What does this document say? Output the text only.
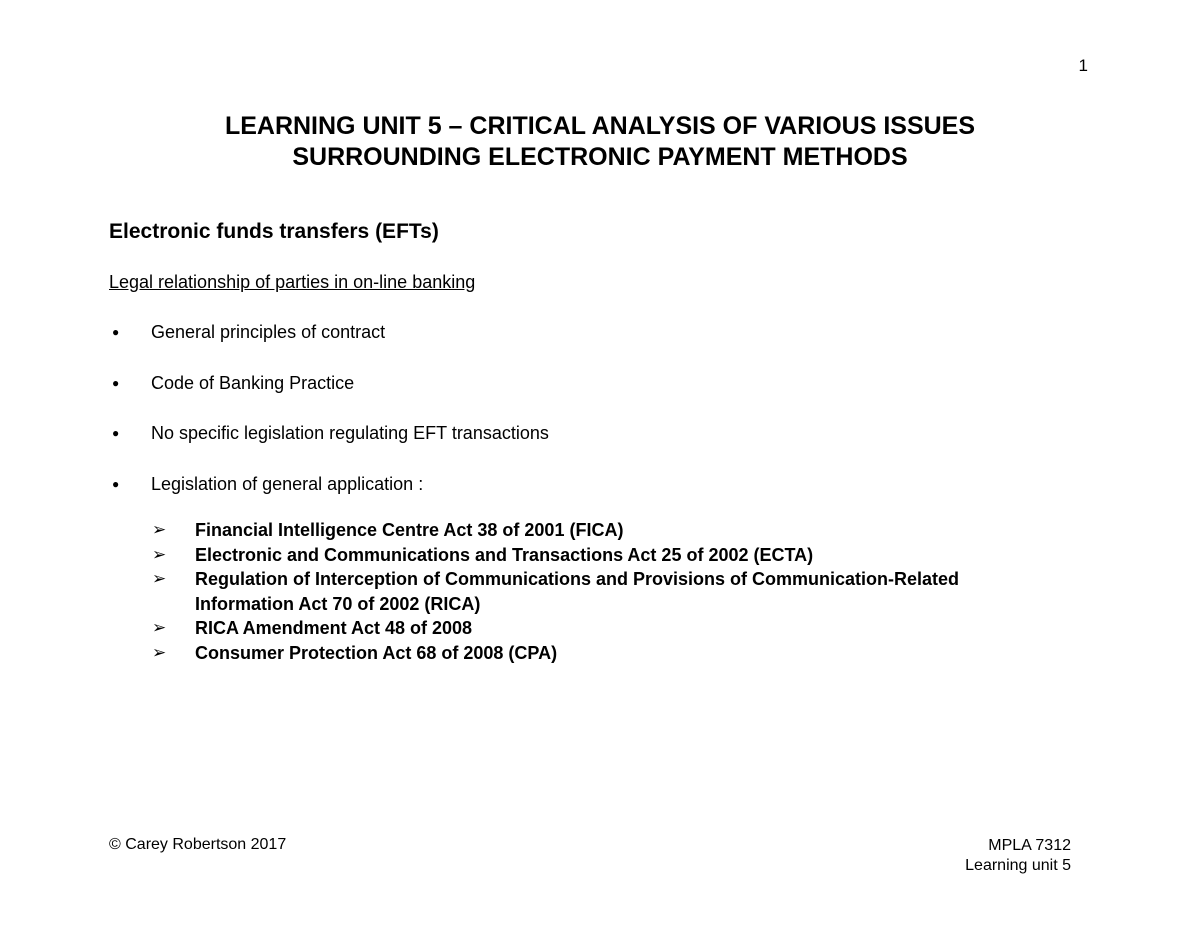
1
LEARNING UNIT 5 – CRITICAL ANALYSIS OF VARIOUS ISSUES
SURROUNDING ELECTRONIC PAYMENT METHODS
Electronic funds transfers (EFTs)
Legal relationship of parties in on-line banking
●	General principles of contract
●	Code of Banking Practice
●	No specific legislation regulating EFT transactions
●	Legislation of general application :
➢	Financial Intelligence Centre Act 38 of 2001 (FICA)
➢	Electronic and Communications and Transactions Act 25 of 2002 (ECTA)
➢	Regulation of Interception of Communications and Provisions of Communication-Related Information Act 70 of 2002 (RICA)
➢	RICA Amendment Act 48 of 2008
➢	Consumer Protection Act 68 of 2008 (CPA)
© Carey Robertson 2017	MPLA 7312
Learning unit 5
